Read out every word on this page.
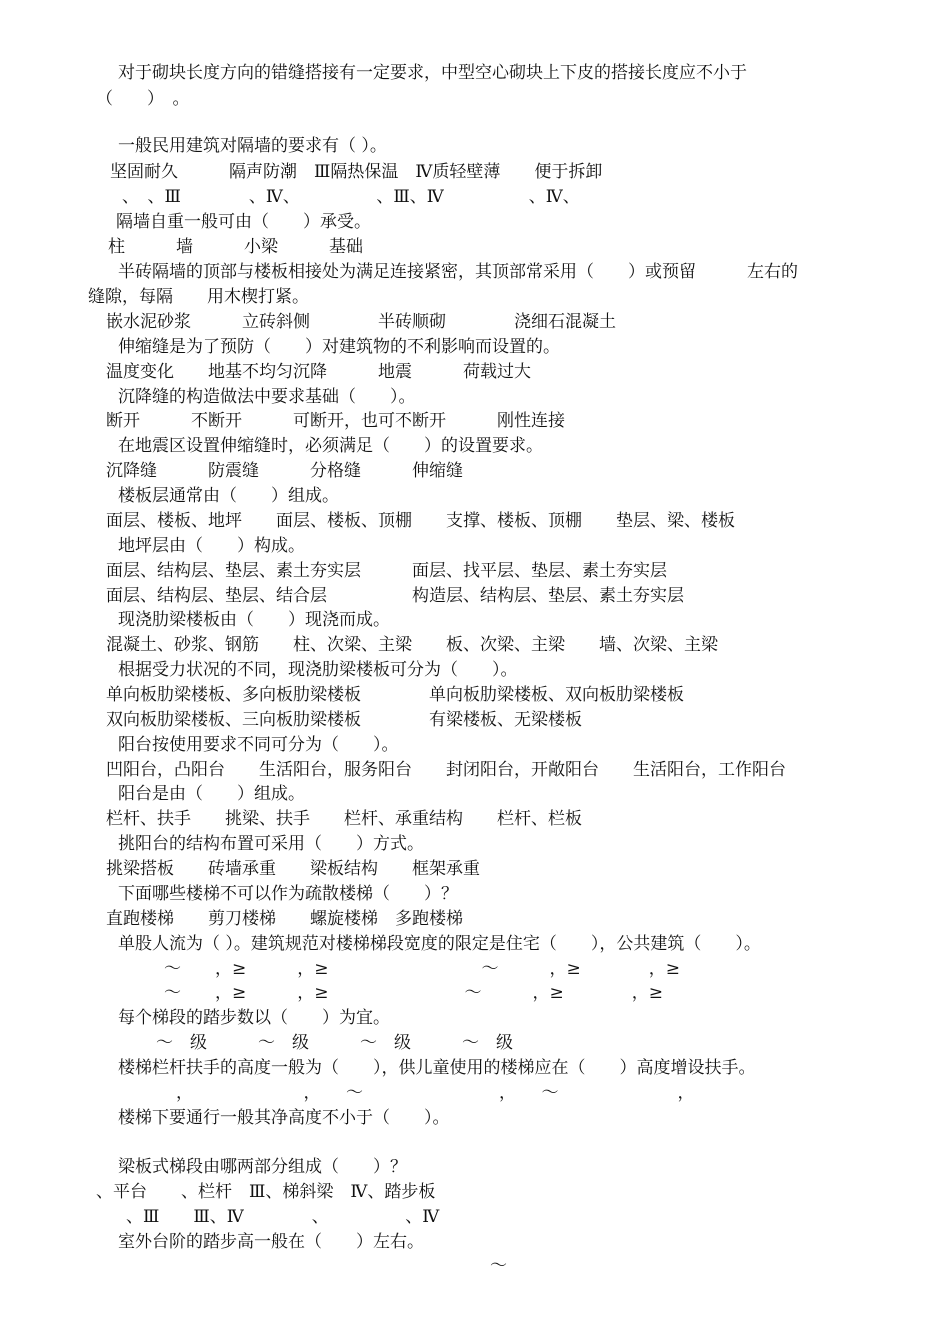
对于砌块长度方向的错缝搭接有一定要求，中型空心砌块上下皮的搭接长度应不小于
（　　）　。
一般民用建筑对隔墙的要求有（ ）。
坚固耐久　　　隔声防潮　Ⅲ隔热保温　Ⅳ质轻壁薄　　便于拆卸
、　、Ⅲ　　　　、Ⅳ、　　　　　、Ⅲ、Ⅳ　　　　　、Ⅳ、
隔墙自重一般可由（　　）承受。
柱　　　墙　　　小梁　　　基础
半砖隔墙的顶部与楼板相接处为满足连接紧密，其顶部常采用（　　）或预留　　　左右的
缝隙，每隔　　用木楔打紧。
嵌水泥砂浆　　　立砖斜侧　　　　半砖顺砌　　　　浇细石混凝土
伸缩缝是为了预防（　　）对建筑物的不利影响而设置的。
温度变化　　地基不均匀沉降　　　地震　　　荷载过大
沉降缝的构造做法中要求基础（　　）。
断开　　　不断开　　　可断开，也可不断开　　　刚性连接
在地震区设置伸缩缝时，必须满足（　　）的设置要求。
沉降缝　　　防震缝　　　分格缝　　　伸缩缝
楼板层通常由（　　）组成。
面层、楼板、地坪　　面层、楼板、顶棚　　支撑、楼板、顶棚　　垫层、梁、楼板
地坪层由（　　）构成。
面层、结构层、垫层、素土夯实层　　　面层、找平层、垫层、素土夯实层
面层、结构层、垫层、结合层　　　　　构造层、结构层、垫层、素土夯实层
现浇肋梁楼板由（　　）现浇而成。
混凝土、砂浆、钢筋　　柱、次梁、主梁　　板、次梁、主梁　　墙、次梁、主梁
根据受力状况的不同，现浇肋梁楼板可分为（　　）。
单向板肋梁楼板、多向板肋梁楼板　　　　单向板肋梁楼板、双向板肋梁楼板
双向板肋梁楼板、三向板肋梁楼板　　　　有梁楼板、无梁楼板
阳台按使用要求不同可分为（　　）。
凹阳台，凸阳台　　生活阳台，服务阳台　　封闭阳台，开敞阳台　　生活阳台，工作阳台
阳台是由（　　）组成。
栏杆、扶手　　挑梁、扶手　　栏杆、承重结构　　栏杆、栏板
挑阳台的结构布置可采用（　　）方式。
挑梁搭板　　砖墙承重　　梁板结构　　框架承重
下面哪些楼梯不可以作为疏散楼梯（　　）？
直跑楼梯　　剪刀楼梯　　螺旋楼梯　多跑楼梯
单股人流为（ ）。建筑规范对楼梯梯段宽度的限定是住宅（　　），公共建筑（　　）。
～　　，≥　　　，≥　　　　　　　　　～　　　，≥　　　　，≥
～　　，≥　　　，≥　　　　　　　　～　　　，≥　　　　，≥
每个梯段的踏步数以（　　）为宜。
～　级　　　～　级　　　～　级　　　～　级
楼梯栏杆扶手的高度一般为（　　），供儿童使用的楼梯应在（　　）高度增设扶手。
，　　　　　　　，　　～　　　　　　　　，　　～　　　　　　　，
楼梯下要通行一般其净高度不小于（　　）。
梁板式梯段由哪两部分组成（　　）？
、平台　　、栏杆　Ⅲ、梯斜梁　Ⅳ、踏步板
、Ⅲ　　Ⅲ、Ⅳ　　　　、　　　　　、Ⅳ
室外台阶的踏步高一般在（　　）左右。
～
